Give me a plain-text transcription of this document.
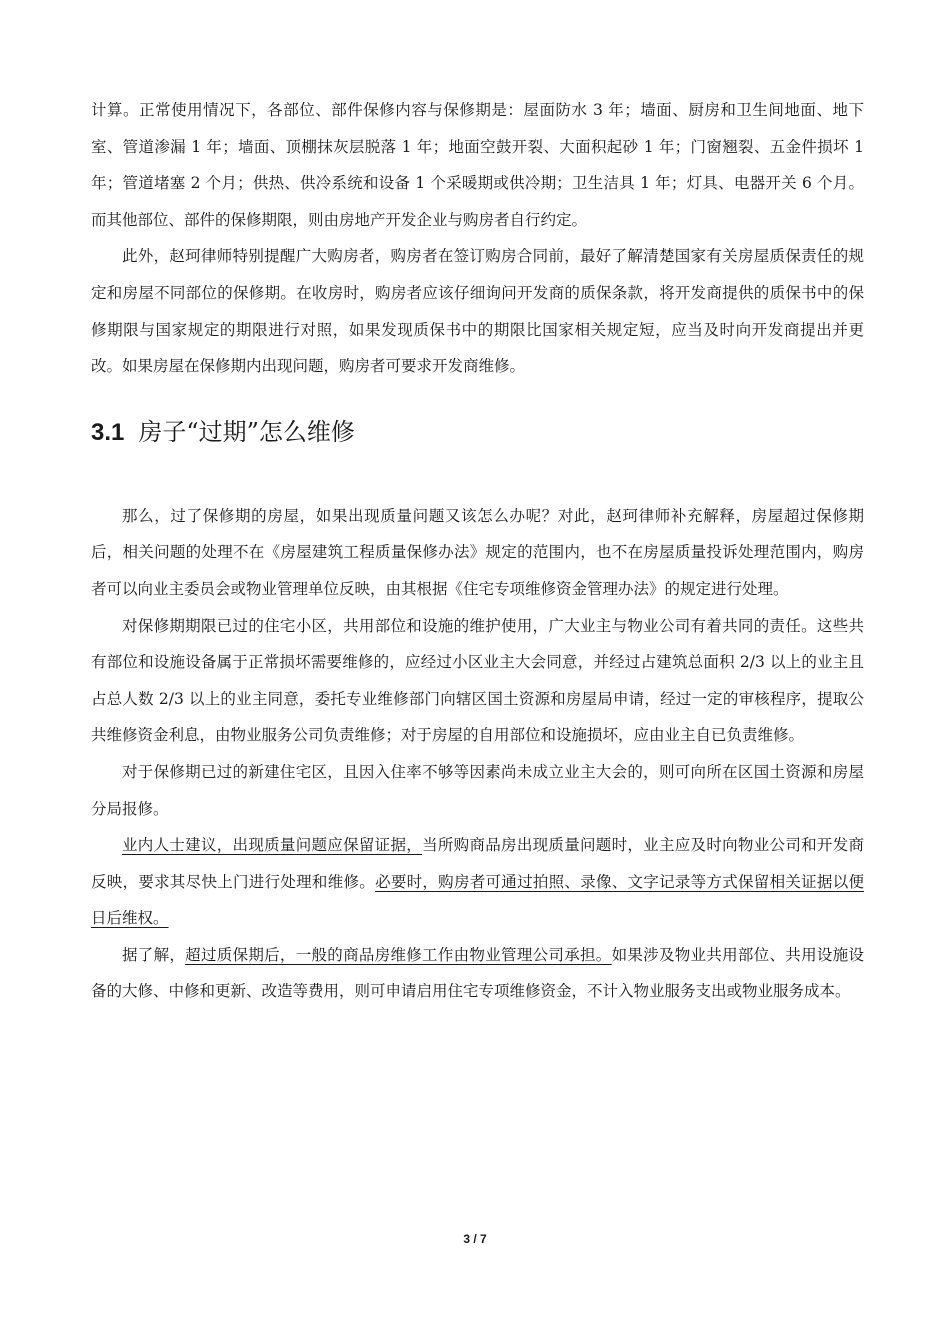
计算。正常使用情况下，各部位、部件保修内容与保修期是：屋面防水 3 年；墙面、厨房和卫生间地面、地下室、管道渗漏 1 年；墙面、顶棚抹灰层脱落 1 年；地面空鼓开裂、大面积起砂 1 年；门窗翘裂、五金件损坏 1 年；管道堵塞 2 个月；供热、供冷系统和设备 1 个采暖期或供冷期；卫生洁具 1 年；灯具、电器开关 6 个月。而其他部位、部件的保修期限，则由房地产开发企业与购房者自行约定。

此外，赵珂律师特别提醒广大购房者，购房者在签订购房合同前，最好了解清楚国家有关房屋质保责任的规定和房屋不同部位的保修期。在收房时，购房者应该仔细询问开发商的质保条款，将开发商提供的质保书中的保修期限与国家规定的期限进行对照，如果发现质保书中的期限比国家相关规定短，应当及时向开发商提出并更改。如果房屋在保修期内出现问题，购房者可要求开发商维修。

3.1 房子“过期”怎么维修

那么，过了保修期的房屋，如果出现质量问题又该怎么办呢？对此，赵珂律师补充解释，房屋超过保修期后，相关问题的处理不在《房屋建筑工程质量保修办法》规定的范围内，也不在房屋质量投诉处理范围内，购房者可以向业主委员会或物业管理单位反映，由其根据《住宅专项维修资金管理办法》的规定进行处理。

对保修期期限已过的住宅小区，共用部位和设施的维护使用，广大业主与物业公司有着共同的责任。这些共有部位和设施设备属于正常损坏需要维修的，应经过小区业主大会同意，并经过占建筑总面积 2/3 以上的业主且占总人数 2/3 以上的业主同意，委托专业维修部门向辖区国土资源和房屋局申请，经过一定的审核程序，提取公共维修资金利息，由物业服务公司负责维修；对于房屋的自用部位和设施损坏，应由业主自已负责维修。

对于保修期已过的新建住宅区，且因入住率不够等因素尚未成立业主大会的，则可向所在区国土资源和房屋分局报修。

业内人士建议，出现质量问题应保留证据，当所购商品房出现质量问题时，业主应及时向物业公司和开发商反映，要求其尽快上门进行处理和维修。必要时，购房者可通过拍照、录像、文字记录等方式保留相关证据以便日后维权。

据了解，超过质保期后，一般的商品房维修工作由物业管理公司承担。如果涉及物业共用部位、共用设施设备的大修、中修和更新、改造等费用，则可申请启用住宅专项维修资金，不计入物业服务支出或物业服务成本。

3 / 7
